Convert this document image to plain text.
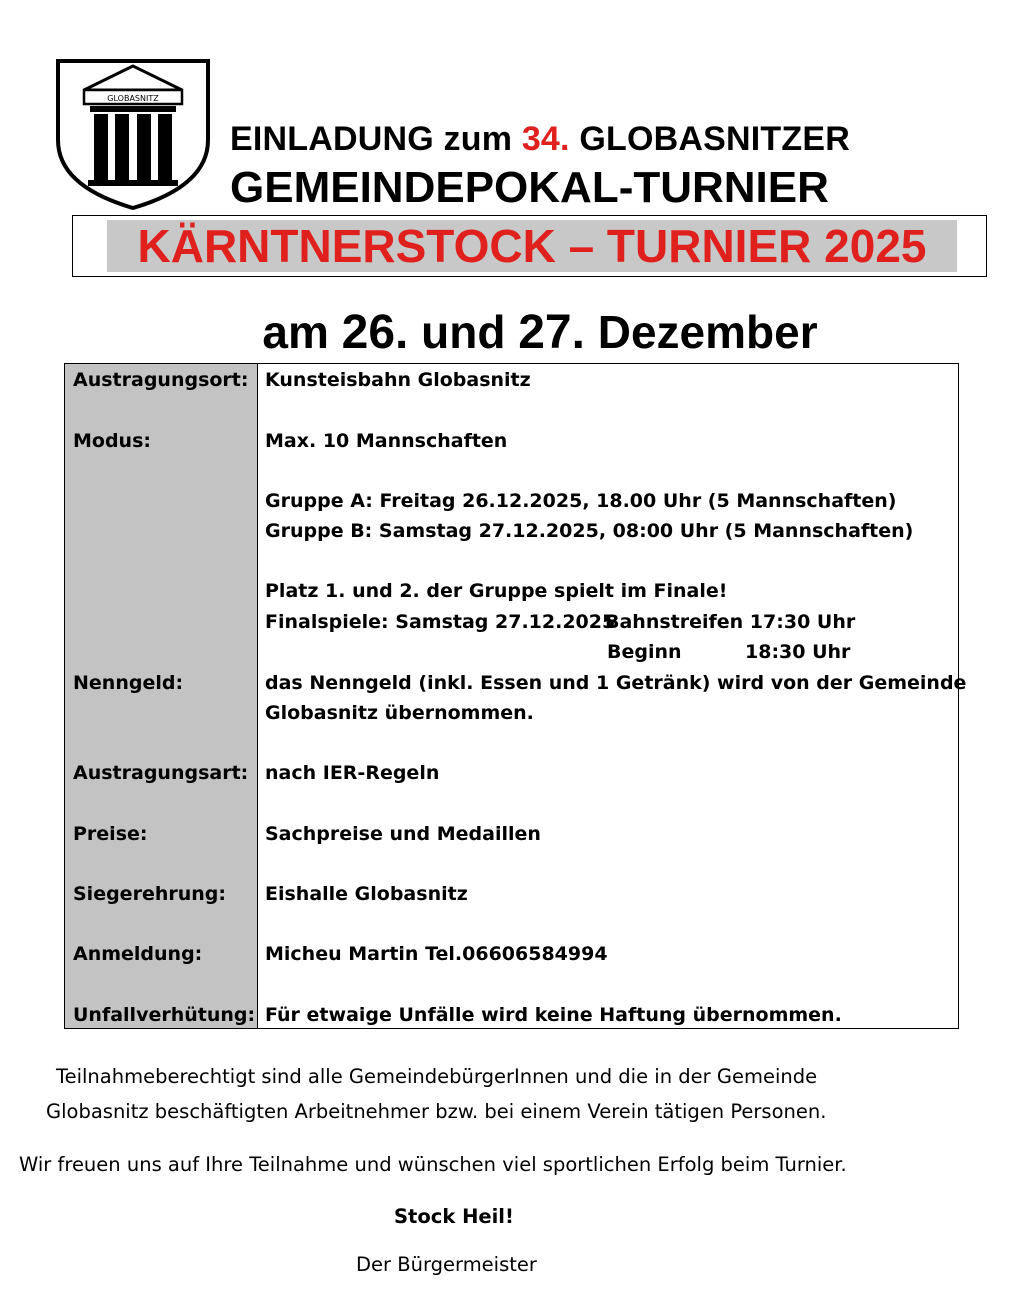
GLOBASNITZ
EINLADUNG zum 34. GLOBASNITZER
GEMEINDEPOKAL-TURNIER
KÄRNTNERSTOCK – TURNIER 2025
am 26. und 27. Dezember
Austragungsort: Kunsteisbahn Globasnitz
Modus:	Max. 10 Mannschaften
Gruppe A: Freitag 26.12.2025, 18.00 Uhr (5 Mannschaften)
Gruppe B: Samstag 27.12.2025, 08:00 Uhr (5 Mannschaften)
Platz 1. und 2. der Gruppe spielt im Finale!
Finalspiele: Samstag 27.12.2025
Bahnstreifen 17:30 Uhr
Beginn	18:30 Uhr
Nenngeld:	das Nenngeld (inkl. Essen und 1 Getränk) wird von der Gemeinde
Globasnitz übernommen.
Austragungsart: nach IER-Regeln
Preise:	Sachpreise und Medaillen
Siegerehrung: Eishalle Globasnitz
Anmeldung:	Micheu Martin Tel.06606584994
Unfallverhütung: Für etwaige Unfälle wird keine Haftung übernommen.
Teilnahmeberechtigt sind alle GemeindebürgerInnen und die in der Gemeinde
Globasnitz beschäftigten Arbeitnehmer bzw. bei einem Verein tätigen Personen.
Wir freuen uns auf Ihre Teilnahme und wünschen viel sportlichen Erfolg beim Turnier.
Stock Heil!
Der Bürgermeister
